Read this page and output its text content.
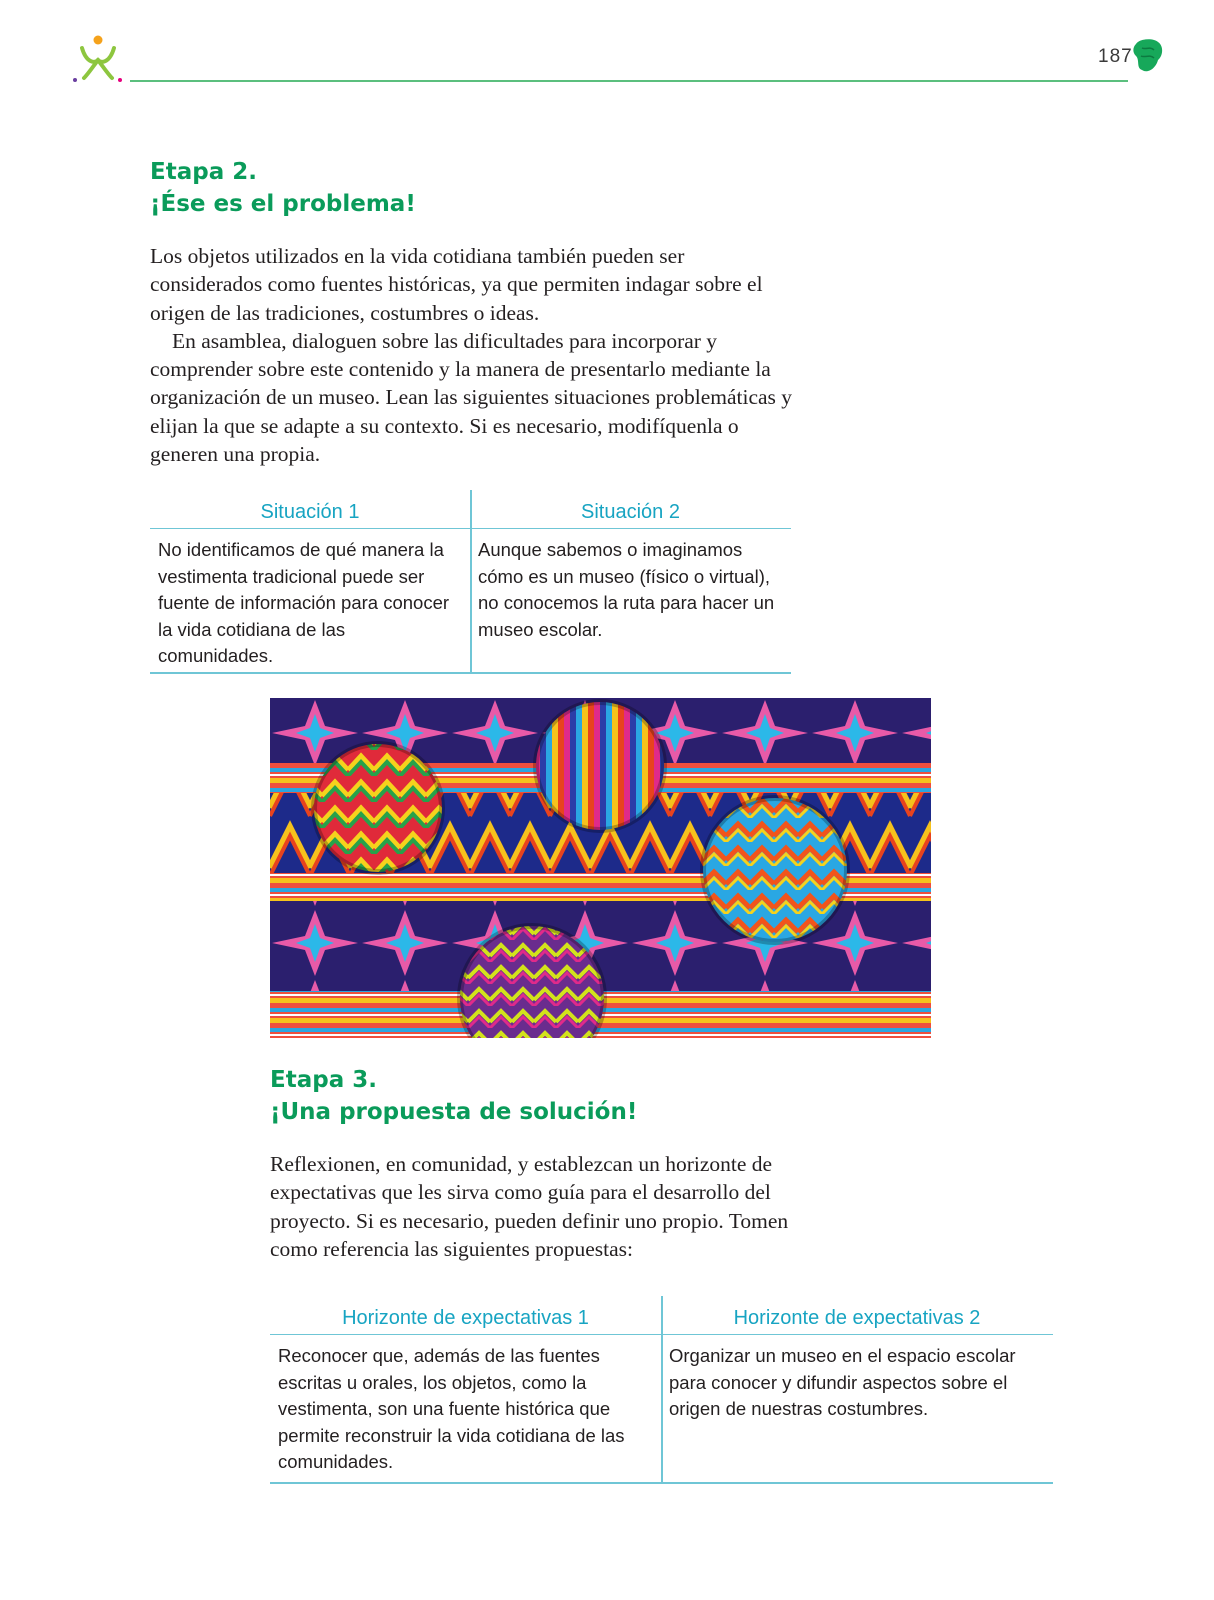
187
Etapa 2.
¡Ése es el problema!

Los objetos utilizados en la vida cotidiana también pueden ser considerados como fuentes históricas, ya que permiten indagar sobre el origen de las tradiciones, costumbres o ideas.

En asamblea, dialoguen sobre las dificultades para incorporar y comprender sobre este contenido y la manera de presentarlo mediante la organización de un museo. Lean las siguientes situaciones problemáticas y elijan la que se adapte a su contexto. Si es necesario, modifíquenla o generen una propia.

Situación 1
No identificamos de qué manera la vestimenta tradicional puede ser fuente de información para conocer la vida cotidiana de las comunidades.
Situación 2
Aunque sabemos o imaginamos cómo es un museo (físico o virtual), no conocemos la ruta para hacer un museo escolar.
Etapa 3.
¡Una propuesta de solución!

Reflexionen, en comunidad, y establezcan un horizonte de expectativas que les sirva como guía para el desarrollo del proyecto. Si es necesario, pueden definir uno propio. Tomen como referencia las siguientes propuestas:

Horizonte de expectativas 1
Reconocer que, además de las fuentes escritas u orales, los objetos, como la vestimenta, son una fuente histórica que permite reconstruir la vida cotidiana de las comunidades.
Horizonte de expectativas 2
Organizar un museo en el espacio escolar para conocer y difundir aspectos sobre el origen de nuestras costumbres.
